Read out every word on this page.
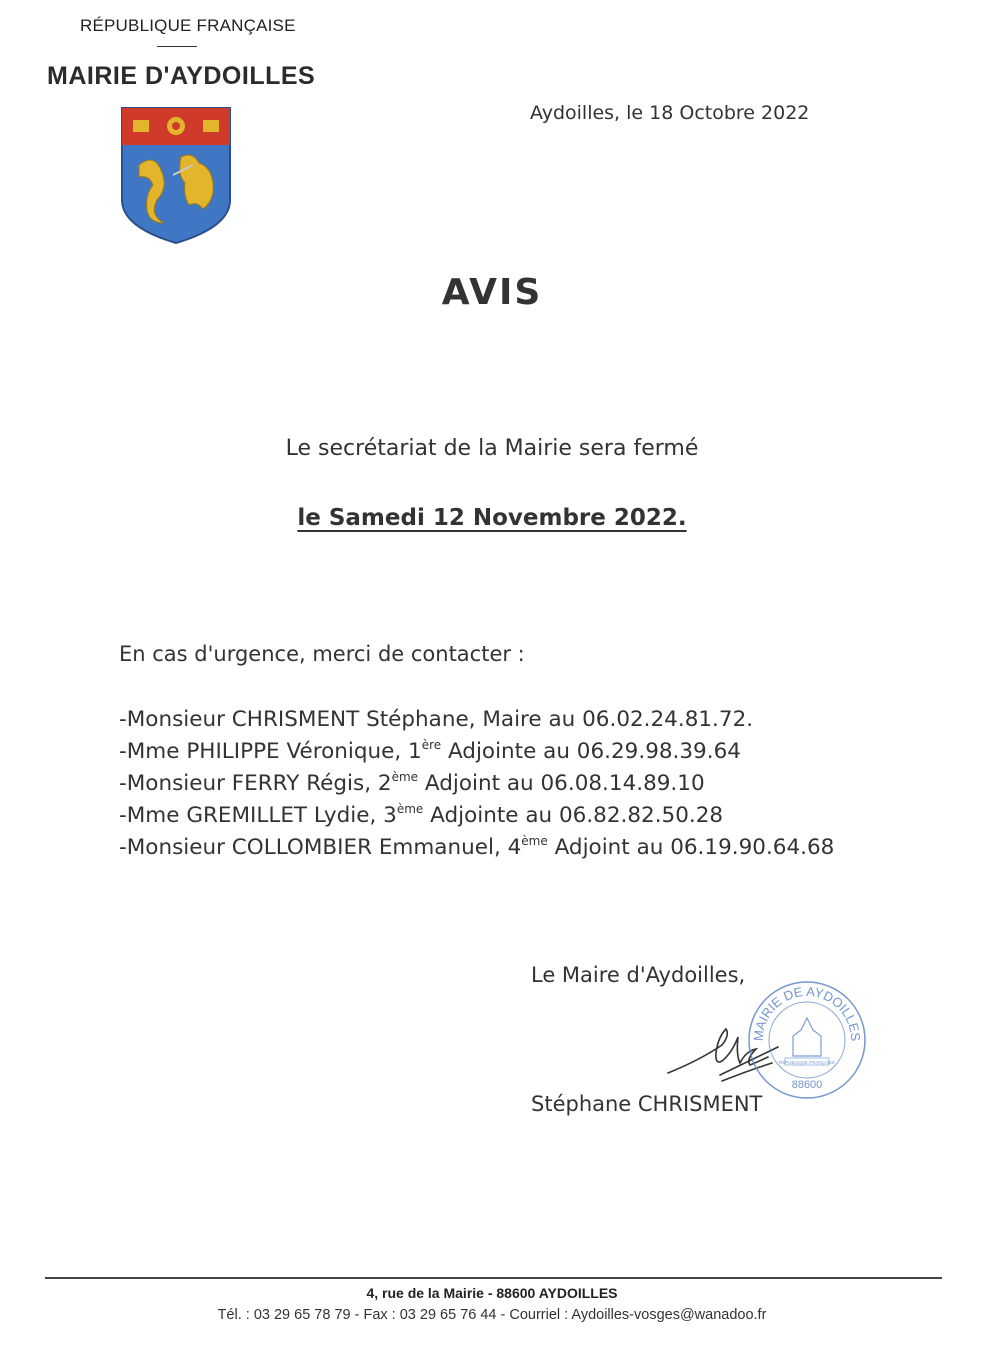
RÉPUBLIQUE FRANÇAISE
MAIRIE D'AYDOILLES
Aydoilles, le 18 Octobre 2022
AVIS
Le secrétariat de la Mairie sera fermé
le Samedi 12 Novembre 2022.
En cas d'urgence, merci de contacter :
-Monsieur CHRISMENT Stéphane, Maire au 06.02.24.81.72.
-Mme PHILIPPE Véronique, 1ère Adjointe au 06.29.98.39.64
-Monsieur FERRY Régis, 2ème Adjoint au 06.08.14.89.10
-Mme GREMILLET Lydie, 3ème Adjointe au 06.82.82.50.28
-Monsieur COLLOMBIER Emmanuel, 4ème Adjoint au 06.19.90.64.68
Le Maire d'Aydoilles,
MAIRIE DE AYDOILLES
RÉPUBLIQUE FRANÇAISE
88600
Stéphane CHRISMENT
4, rue de la Mairie - 88600 AYDOILLES
Tél. : 03 29 65 78 79 - Fax : 03 29 65 76 44 - Courriel : Aydoilles-vosges@wanadoo.fr
